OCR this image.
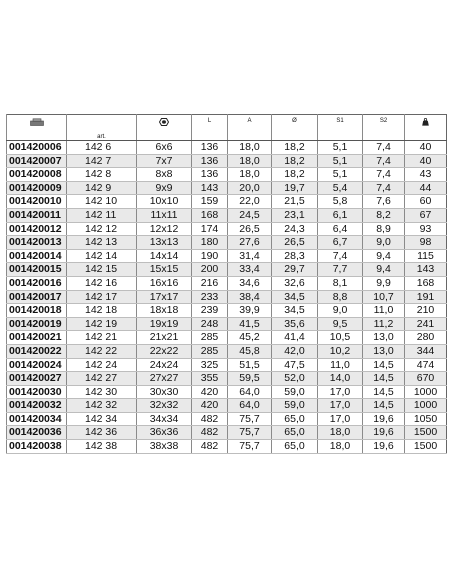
	art.		L	A	Ø	S1	S2	
001420006	142 6	6x6	136	18,0	18,2	5,1	7,4	40
001420007	142 7	7x7	136	18,0	18,2	5,1	7,4	40
001420008	142 8	8x8	136	18,0	18,2	5,1	7,4	43
001420009	142 9	9x9	143	20,0	19,7	5,4	7,4	44
001420010	142 10	10x10	159	22,0	21,5	5,8	7,6	60
001420011	142 11	11x11	168	24,5	23,1	6,1	8,2	67
001420012	142 12	12x12	174	26,5	24,3	6,4	8,9	93
001420013	142 13	13x13	180	27,6	26,5	6,7	9,0	98
001420014	142 14	14x14	190	31,4	28,3	7,4	9,4	115
001420015	142 15	15x15	200	33,4	29,7	7,7	9,4	143
001420016	142 16	16x16	216	34,6	32,6	8,1	9,9	168
001420017	142 17	17x17	233	38,4	34,5	8,8	10,7	191
001420018	142 18	18x18	239	39,9	34,5	9,0	11,0	210
001420019	142 19	19x19	248	41,5	35,6	9,5	11,2	241
001420021	142 21	21x21	285	45,2	41,4	10,5	13,0	280
001420022	142 22	22x22	285	45,8	42,0	10,2	13,0	344
001420024	142 24	24x24	325	51,5	47,5	11,0	14,5	474
001420027	142 27	27x27	355	59,5	52,0	14,0	14,5	670
001420030	142 30	30x30	420	64,0	59,0	17,0	14,5	1000
001420032	142 32	32x32	420	64,0	59,0	17,0	14,5	1000
001420034	142 34	34x34	482	75,7	65,0	17,0	19,6	1050
001420036	142 36	36x36	482	75,7	65,0	18,0	19,6	1500
001420038	142 38	38x38	482	75,7	65,0	18,0	19,6	1500
